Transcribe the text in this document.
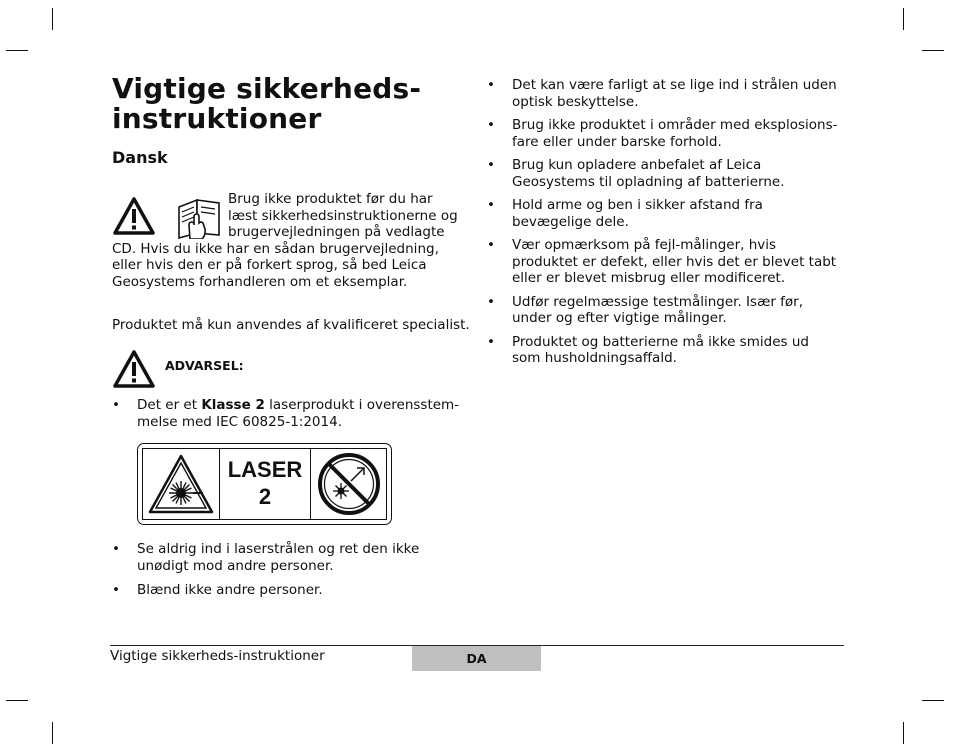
Vigtige sikkerheds-
instruktioner
Dansk

Brug ikke produktet før du har læst sikkerhedsinstruktionerne og brugervejledningen på vedlagte CD. Hvis du ikke har en sådan brugervejledning, eller hvis den er på forkert sprog, så bed Leica Geosystems forhandleren om et eksemplar.

Produktet må kun anvendes af kvalificeret specialist.

ADVARSEL:

• Det er et Klasse 2 laserprodukt i overensstem-melse med IEC 60825-1:2014.
LASER
2
• Se aldrig ind i laserstrålen og ret den ikke unødigt mod andre personer.
• Blænd ikke andre personer.
• Det kan være farligt at se lige ind i strålen uden optisk beskyttelse.
• Brug ikke produktet i områder med eksplosions-fare eller under barske forhold.
• Brug kun opladere anbefalet af Leica Geosystems til opladning af batterierne.
• Hold arme og ben i sikker afstand fra bevægelige dele.
• Vær opmærksom på fejl-målinger, hvis produktet er defekt, eller hvis det er blevet tabt eller er blevet misbrug eller modificeret.
• Udfør regelmæssige testmålinger. Især før, under og efter vigtige målinger.
• Produktet og batterierne må ikke smides ud som husholdningsaffald.

Vigtige sikkerheds-instruktioner	DA
